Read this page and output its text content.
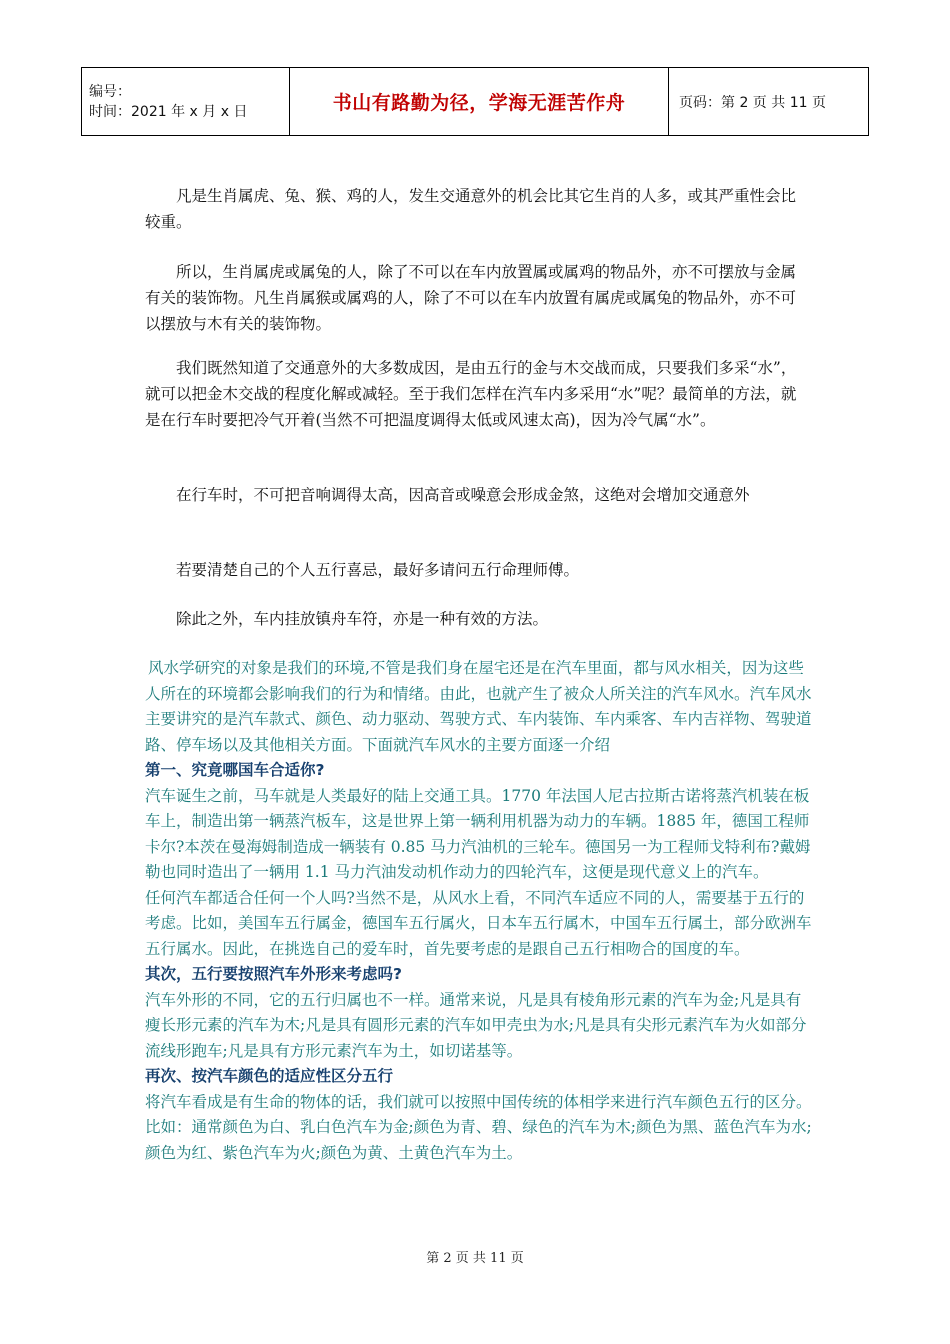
编号：
时间：2021 年 x 月 x 日	书山有路勤为径，学海无涯苦作舟	页码：第 2 页 共 11 页

凡是生肖属虎、兔、猴、鸡的人，发生交通意外的机会比其它生肖的人多，或其严重性会比较重。

所以，生肖属虎或属兔的人，除了不可以在车内放置属或属鸡的物品外，亦不可摆放与金属有关的装饰物。凡生肖属猴或属鸡的人，除了不可以在车内放置有属虎或属兔的物品外，亦不可以摆放与木有关的装饰物。

我们既然知道了交通意外的大多数成因，是由五行的金与木交战而成，只要我们多采“水”，就可以把金木交战的程度化解或减轻。至于我们怎样在汽车内多采用“水”呢？最简单的方法，就是在行车时要把冷气开着(当然不可把温度调得太低或风速太高)，因为冷气属“水”。

在行车时，不可把音响调得太高，因高音或噪意会形成金煞，这绝对会增加交通意外

若要清楚自己的个人五行喜忌，最好多请问五行命理师傅。

除此之外，车内挂放镇舟车符，亦是一种有效的方法。

风水学研究的对象是我们的环境,不管是我们身在屋宅还是在汽车里面，都与风水相关，因为这些人所在的环境都会影响我们的行为和情绪。由此，也就产生了被众人所关注的汽车风水。汽车风水主要讲究的是汽车款式、颜色、动力驱动、驾驶方式、车内装饰、车内乘客、车内吉祥物、驾驶道路、停车场以及其他相关方面。下面就汽车风水的主要方面逐一介绍

第一、究竟哪国车合适你?

汽车诞生之前，马车就是人类最好的陆上交通工具。1770 年法国人尼古拉斯古诺将蒸汽机装在板车上，制造出第一辆蒸汽板车，这是世界上第一辆利用机器为动力的车辆。1885 年，德国工程师卡尔?本茨在曼海姆制造成一辆装有 0.85 马力汽油机的三轮车。德国另一为工程师戈特利布?戴姆勒也同时造出了一辆用 1.1 马力汽油发动机作动力的四轮汽车，这便是现代意义上的汽车。

任何汽车都适合任何一个人吗?当然不是，从风水上看，不同汽车适应不同的人，需要基于五行的考虑。比如，美国车五行属金，德国车五行属火，日本车五行属木，中国车五行属土，部分欧洲车五行属水。因此，在挑选自己的爱车时，首先要考虑的是跟自己五行相吻合的国度的车。

其次，五行要按照汽车外形来考虑吗?

汽车外形的不同，它的五行归属也不一样。通常来说，凡是具有棱角形元素的汽车为金;凡是具有瘦长形元素的汽车为木;凡是具有圆形元素的汽车如甲壳虫为水;凡是具有尖形元素汽车为火如部分流线形跑车;凡是具有方形元素汽车为土，如切诺基等。

再次、按汽车颜色的适应性区分五行

将汽车看成是有生命的物体的话，我们就可以按照中国传统的体相学来进行汽车颜色五行的区分。比如：通常颜色为白、乳白色汽车为金;颜色为青、碧、绿色的汽车为木;颜色为黑、蓝色汽车为水;颜色为红、紫色汽车为火;颜色为黄、土黄色汽车为土。

第 2 页 共 11 页
